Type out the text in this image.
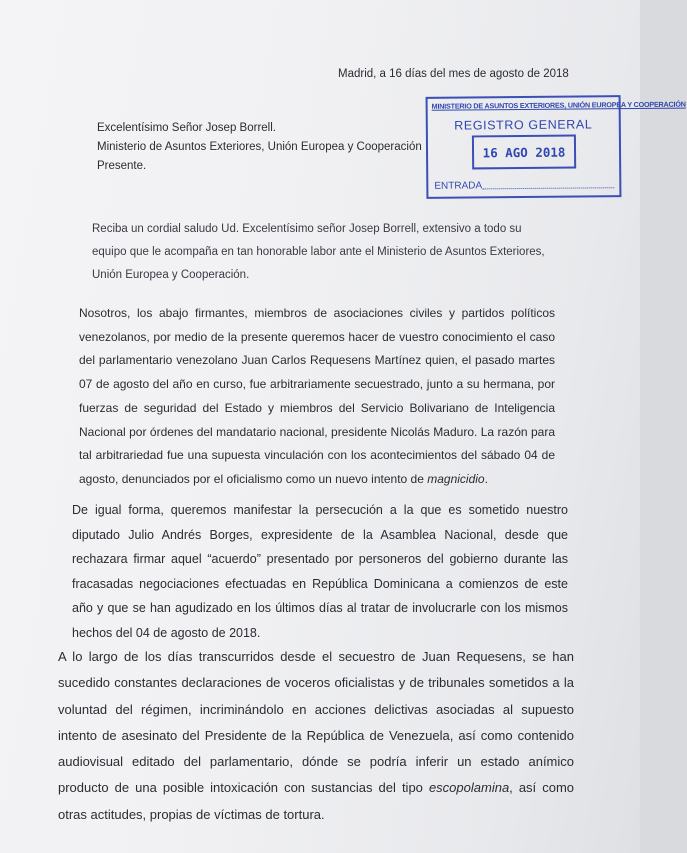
Madrid, a 16 días del mes de agosto de 2018
Excelentísimo Señor Josep Borrell.
Ministerio de Asuntos Exteriores, Unión Europea y Cooperación
Presente.
MINISTERIO DE ASUNTOS EXTERIORES, UNIÓN EUROPEA Y COOPERACIÓN
REGISTRO GENERAL
16 AGO 2018
ENTRADA
Reciba un cordial saludo Ud. Excelentísimo señor Josep Borrell, extensivo a todo su equipo que le acompaña en tan honorable labor ante el Ministerio de Asuntos Exteriores, Unión Europea y Cooperación.
Nosotros, los abajo firmantes, miembros de asociaciones civiles y partidos políticos venezolanos, por medio de la presente queremos hacer de vuestro conocimiento el caso del parlamentario venezolano Juan Carlos Requesens Martínez quien, el pasado martes 07 de agosto del año en curso, fue arbitrariamente secuestrado, junto a su hermana, por fuerzas de seguridad del Estado y miembros del Servicio Bolivariano de Inteligencia Nacional por órdenes del mandatario nacional, presidente Nicolás Maduro. La razón para tal arbitrariedad fue una supuesta vinculación con los acontecimientos del sábado 04 de agosto, denunciados por el oficialismo como un nuevo intento de magnicidio.
De igual forma, queremos manifestar la persecución a la que es sometido nuestro diputado Julio Andrés Borges, expresidente de la Asamblea Nacional, desde que rechazara firmar aquel “acuerdo” presentado por personeros del gobierno durante las fracasadas negociaciones efectuadas en República Dominicana a comienzos de este año y que se han agudizado en los últimos días al tratar de involucrarle con los mismos hechos del 04 de agosto de 2018.
A lo largo de los días transcurridos desde el secuestro de Juan Requesens, se han sucedido constantes declaraciones de voceros oficialistas y de tribunales sometidos a la voluntad del régimen, incriminándolo en acciones delictivas asociadas al supuesto intento de asesinato del Presidente de la República de Venezuela, así como contenido audiovisual editado del parlamentario, dónde se podría inferir un estado anímico producto de una posible intoxicación con sustancias del tipo escopolamina, así como otras actitudes, propias de víctimas de tortura.
